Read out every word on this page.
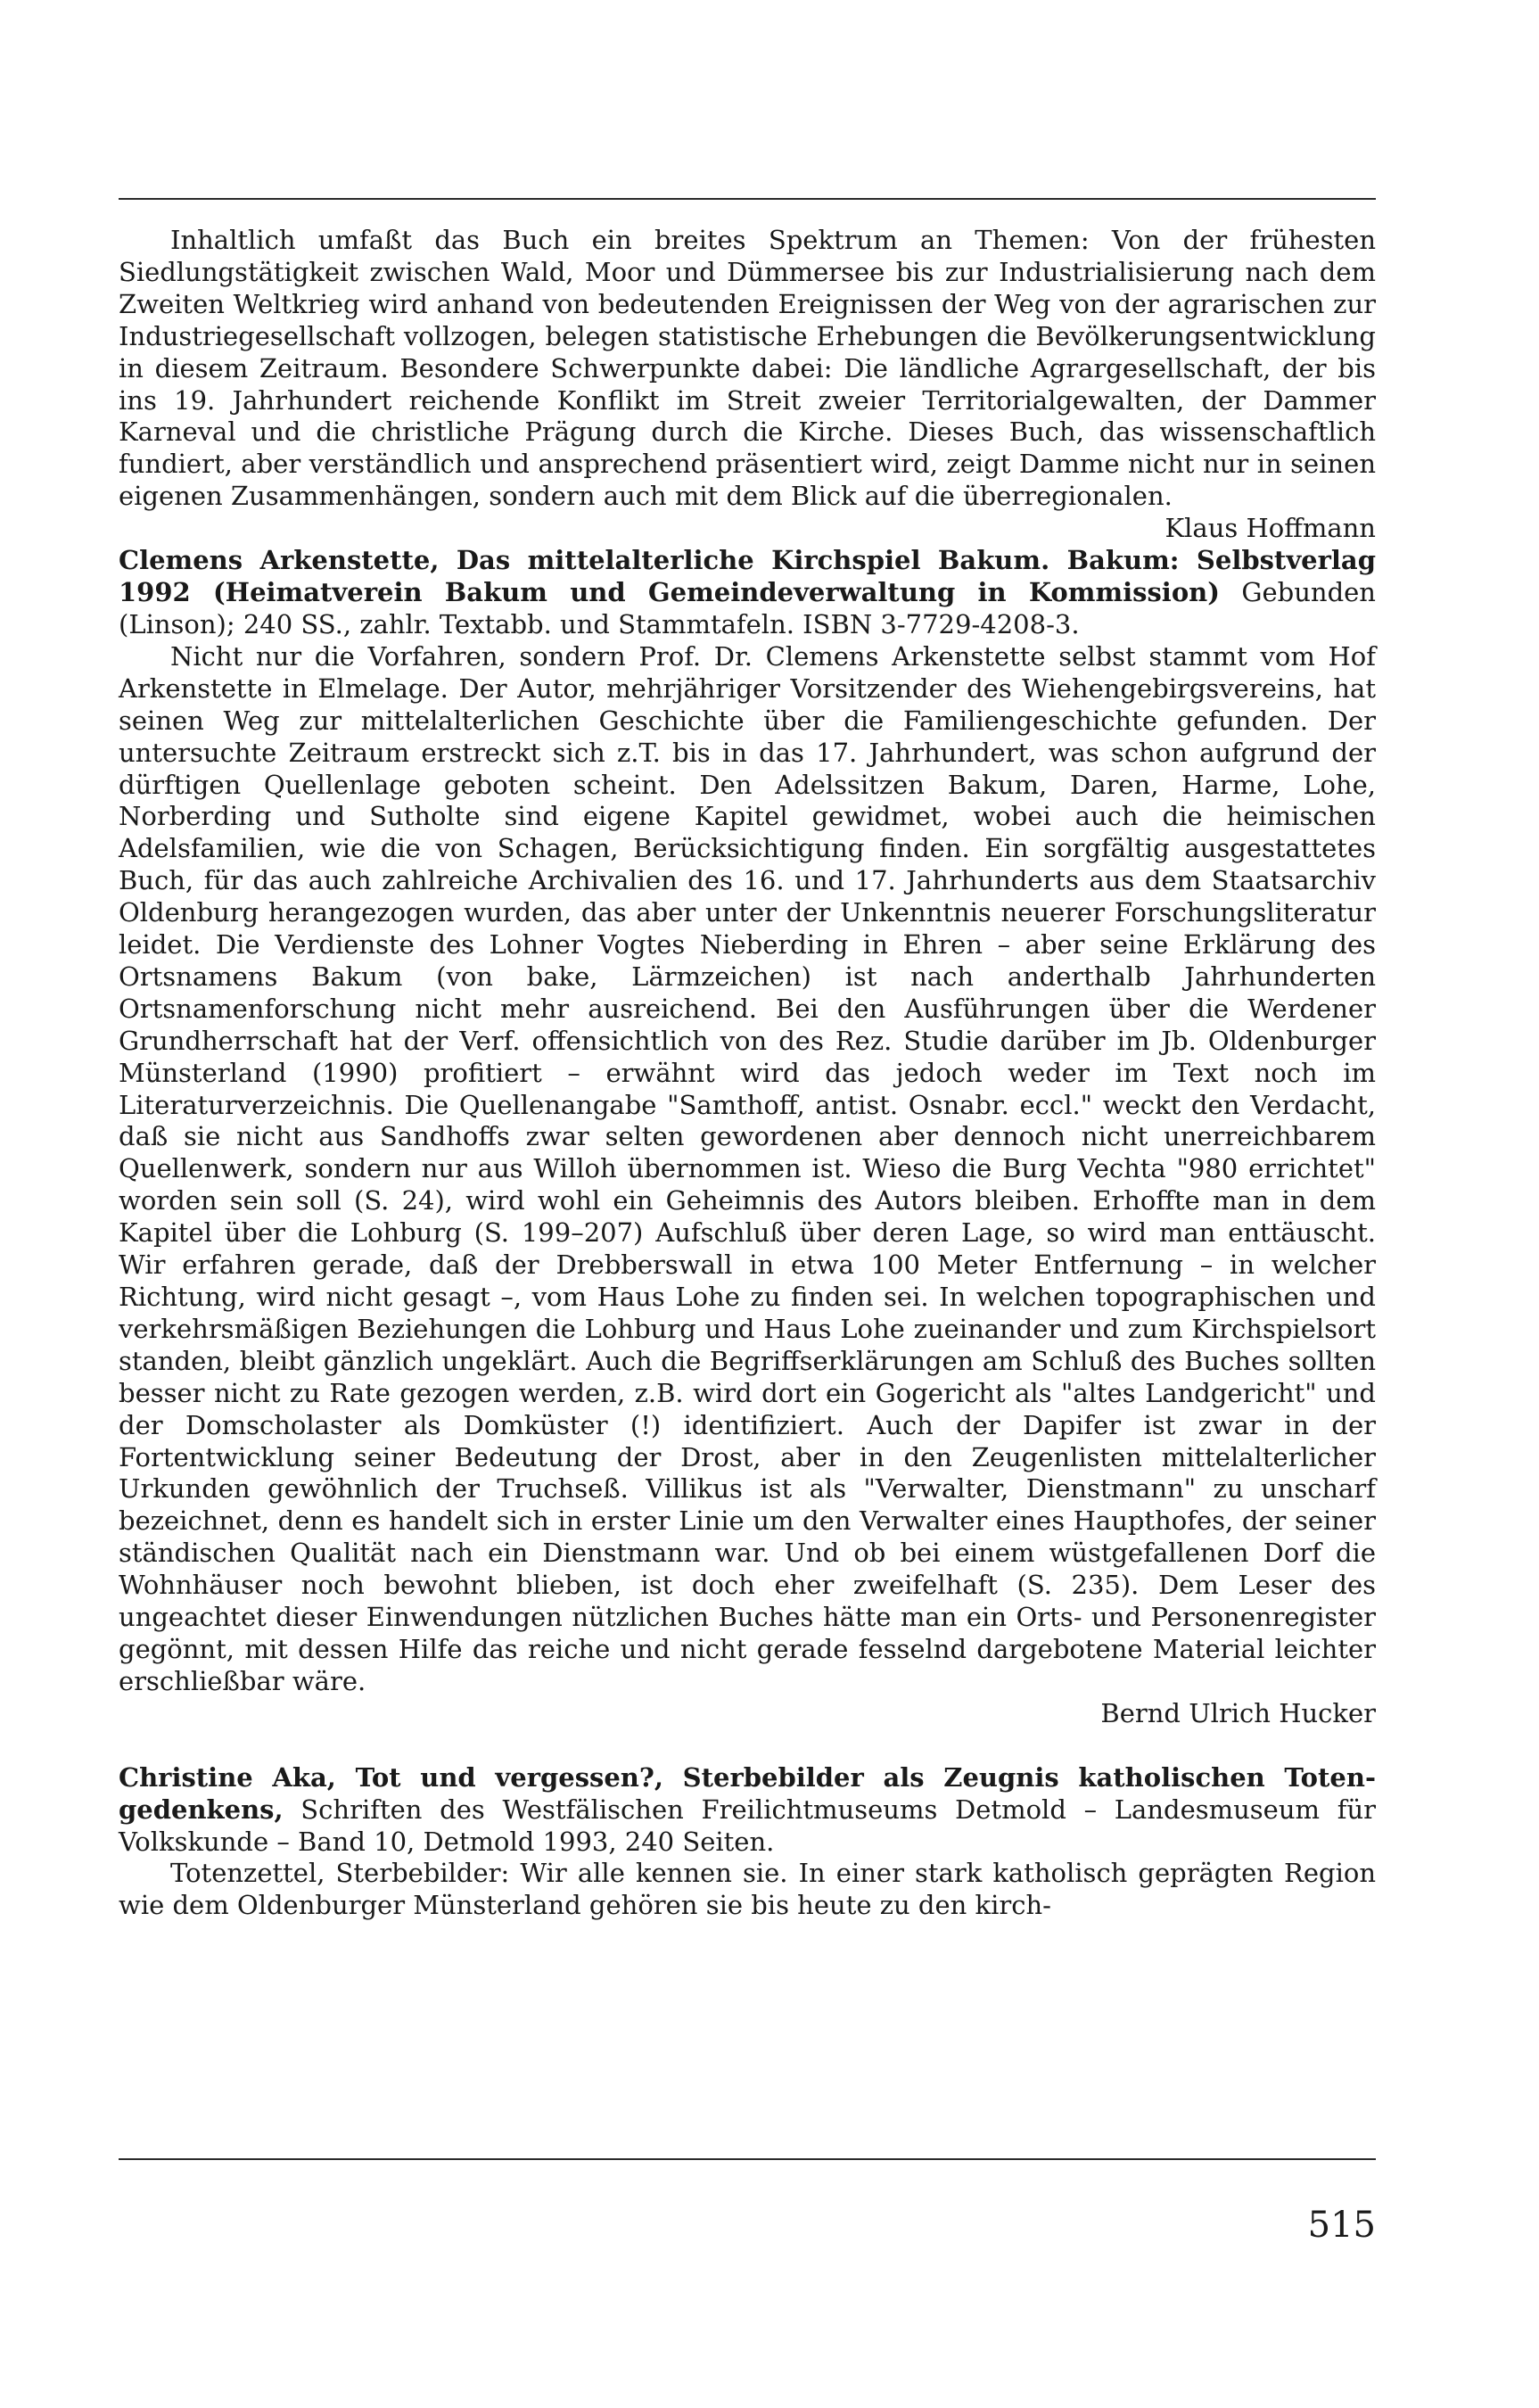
Inhaltlich umfaßt das Buch ein breites Spektrum an Themen: Von der frühesten Siedlungstätigkeit zwischen Wald, Moor und Dümmersee bis zur Industrialisierung nach dem Zweiten Weltkrieg wird anhand von bedeutenden Ereignissen der Weg von der agrarischen zur Industriegesellschaft vollzogen, belegen statistische Erhebungen die Bevölkerungsentwicklung in diesem Zeitraum. Besondere Schwerpunkte dabei: Die ländliche Agrargesellschaft, der bis ins 19. Jahrhundert reichende Konflikt im Streit zweier Territorialgewalten, der Dammer Karneval und die christliche Prägung durch die Kirche. Dieses Buch, das wissenschaftlich fundiert, aber verständlich und ansprechend präsentiert wird, zeigt Damme nicht nur in seinen eigenen Zusammenhängen, sondern auch mit dem Blick auf die überregionalen.
Klaus Hoffmann

Clemens Arkenstette, Das mittelalterliche Kirchspiel Bakum. Bakum: Selbstverlag 1992 (Heimatverein Bakum und Gemeindeverwaltung in Kommission) Gebunden (Linson); 240 SS., zahlr. Textabb. und Stammtafeln. ISBN 3-7729-4208-3.

Nicht nur die Vorfahren, sondern Prof. Dr. Clemens Arkenstette selbst stammt vom Hof Arkenstette in Elmelage. Der Autor, mehrjähriger Vorsitzender des Wiehengebirgsvereins, hat seinen Weg zur mittelalterlichen Geschichte über die Familiengeschichte gefunden. Der untersuchte Zeitraum erstreckt sich z.T. bis in das 17. Jahrhundert, was schon aufgrund der dürftigen Quellenlage geboten scheint. Den Adelssitzen Bakum, Daren, Harme, Lohe, Norberding und Sutholte sind eigene Kapitel gewidmet, wobei auch die heimischen Adelsfamilien, wie die von Schagen, Berücksichtigung finden. Ein sorgfältig ausgestattetes Buch, für das auch zahlreiche Archivalien des 16. und 17. Jahrhunderts aus dem Staatsarchiv Oldenburg herangezogen wurden, das aber unter der Unkenntnis neuerer Forschungsliteratur leidet. Die Verdienste des Lohner Vogtes Nieberding in Ehren – aber seine Erklärung des Ortsnamens Bakum (von bake, Lärmzeichen) ist nach anderthalb Jahrhunderten Ortsnamenforschung nicht mehr ausreichend. Bei den Ausführungen über die Werdener Grundherrschaft hat der Verf. offensichtlich von des Rez. Studie darüber im Jb. Oldenburger Münsterland (1990) profitiert – erwähnt wird das jedoch weder im Text noch im Literaturverzeichnis. Die Quellenangabe "Samthoff, antist. Osnabr. eccl." weckt den Verdacht, daß sie nicht aus Sandhoffs zwar selten gewordenen aber dennoch nicht unerreichbarem Quellenwerk, sondern nur aus Willoh übernommen ist. Wieso die Burg Vechta "980 errichtet" worden sein soll (S. 24), wird wohl ein Geheimnis des Autors bleiben. Erhoffte man in dem Kapitel über die Lohburg (S. 199–207) Aufschluß über deren Lage, so wird man enttäuscht. Wir erfahren gerade, daß der Drebberswall in etwa 100 Meter Entfernung – in welcher Richtung, wird nicht gesagt –, vom Haus Lohe zu finden sei. In welchen topographischen und verkehrsmäßigen Beziehungen die Lohburg und Haus Lohe zueinander und zum Kirchspielsort standen, bleibt gänzlich ungeklärt. Auch die Begriffserklärungen am Schluß des Buches sollten besser nicht zu Rate gezogen werden, z.B. wird dort ein Gogericht als "altes Landgericht" und der Domscholaster als Domküster (!) identifiziert. Auch der Dapifer ist zwar in der Fortentwicklung seiner Bedeutung der Drost, aber in den Zeugenlisten mittelalterlicher Urkunden gewöhnlich der Truchseß. Villikus ist als "Verwalter, Dienstmann" zu unscharf bezeichnet, denn es handelt sich in erster Linie um den Verwalter eines Haupthofes, der seiner ständischen Qualität nach ein Dienstmann war. Und ob bei einem wüstgefallenen Dorf die Wohnhäuser noch bewohnt blieben, ist doch eher zweifelhaft (S. 235). Dem Leser des ungeachtet dieser Einwendungen nützlichen Buches hätte man ein Orts- und Personenregister gegönnt, mit dessen Hilfe das reiche und nicht gerade fesselnd dargebotene Material leichter erschließbar wäre.

Bernd Ulrich Hucker

Christine Aka, Tot und vergessen?, Sterbebilder als Zeugnis katholischen Totengedenkens, Schriften des Westfälischen Freilichtmuseums Detmold – Landesmuseum für Volkskunde – Band 10, Detmold 1993, 240 Seiten.

Totenzettel, Sterbebilder: Wir alle kennen sie. In einer stark katholisch geprägten Region wie dem Oldenburger Münsterland gehören sie bis heute zu den kirch-

515
